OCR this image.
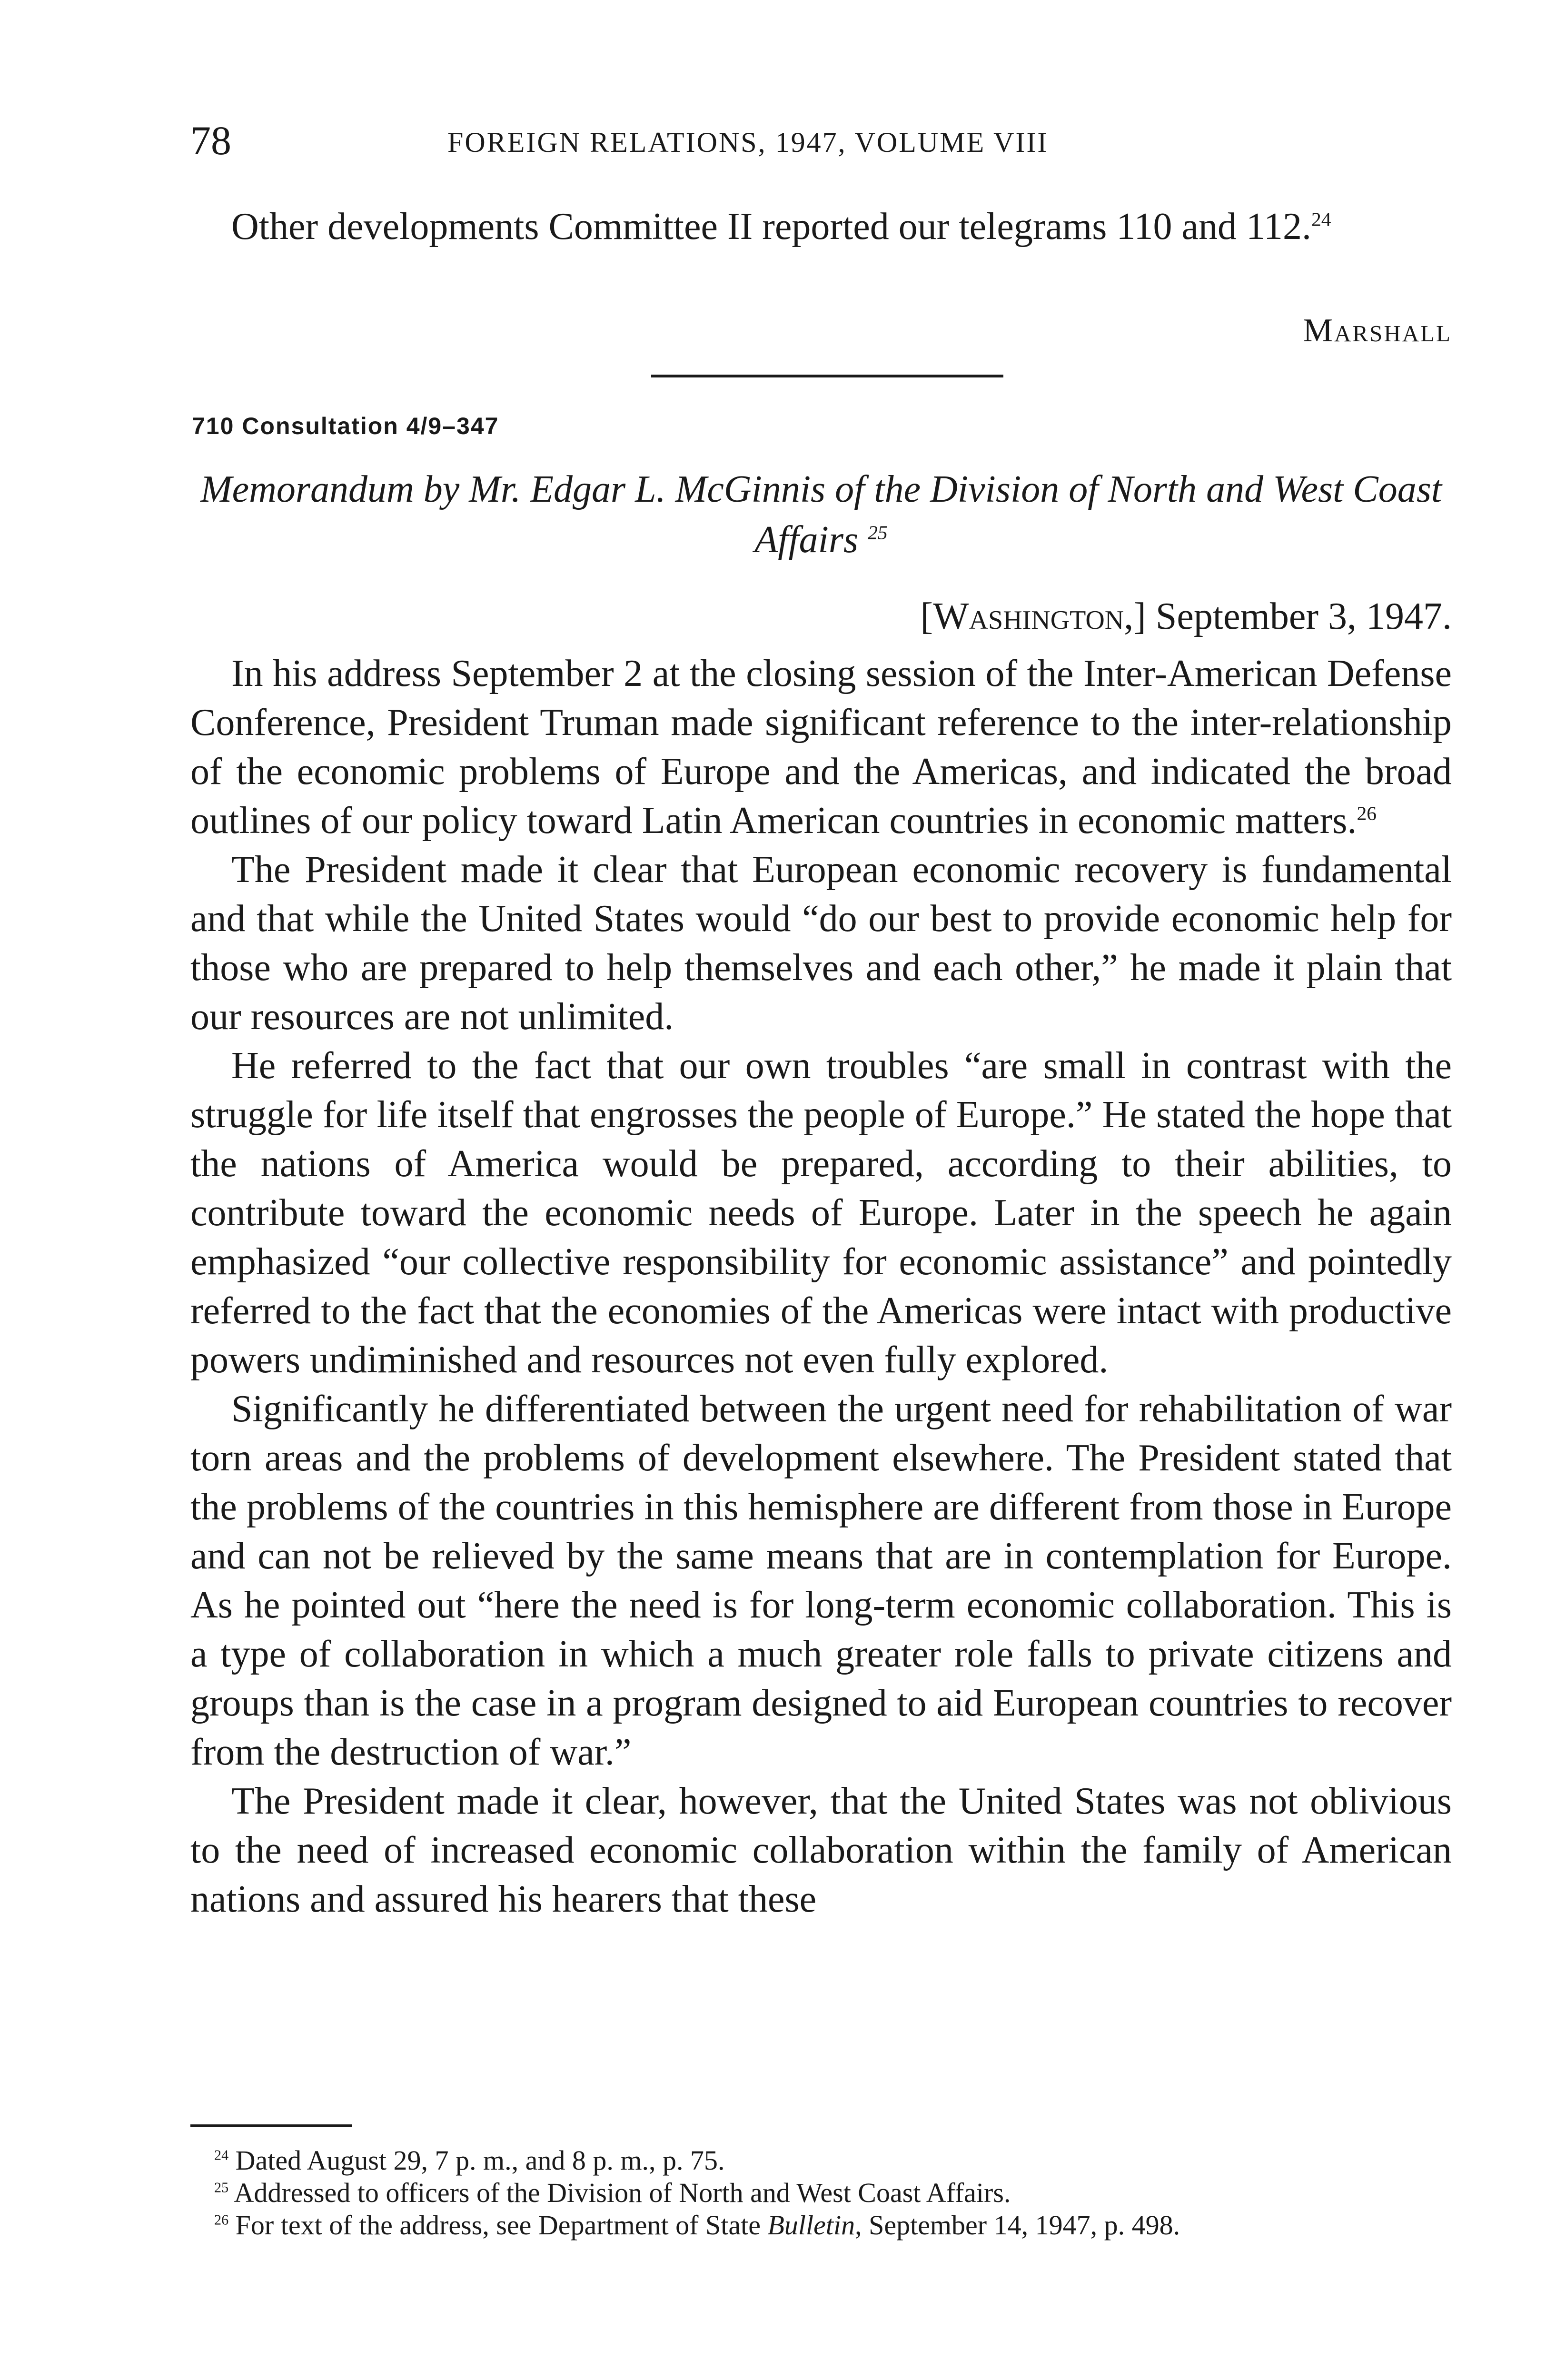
78	FOREIGN RELATIONS, 1947, VOLUME VIII

Other developments Committee II reported our telegrams 110 and 112.24

Marshall
710 Consultation 4/9–347

Memorandum by Mr. Edgar L. McGinnis of the Division of North and West Coast Affairs $^{25}$

[Washington,] September 3, 1947.

In his address September 2 at the closing session of the Inter-American Defense Conference, President Truman made significant reference to the inter-relationship of the economic problems of Europe and the Americas, and indicated the broad outlines of our policy toward Latin American countries in economic matters.$^{26}$

The President made it clear that European economic recovery is fundamental and that while the United States would “do our best to provide economic help for those who are prepared to help themselves and each other,” he made it plain that our resources are not unlimited.

He referred to the fact that our own troubles “are small in contrast with the struggle for life itself that engrosses the people of Europe.” He stated the hope that the nations of America would be prepared, according to their abilities, to contribute toward the economic needs of Europe. Later in the speech he again emphasized “our collective responsibility for economic assistance” and pointedly referred to the fact that the economies of the Americas were intact with productive powers undiminished and resources not even fully explored.

Significantly he differentiated between the urgent need for rehabilitation of war torn areas and the problems of development elsewhere. The President stated that the problems of the countries in this hemisphere are different from those in Europe and can not be relieved by the same means that are in contemplation for Europe. As he pointed out “here the need is for long-term economic collaboration. This is a type of collaboration in which a much greater role falls to private citizens and groups than is the case in a program designed to aid European countries to recover from the destruction of war.”

The President made it clear, however, that the United States was not oblivious to the need of increased economic collaboration within the family of American nations and assured his hearers that these

$^{24}$ Dated August 29, 7 p. m., and 8 p. m., p. 75.

$^{25}$ Addressed to officers of the Division of North and West Coast Affairs.

$^{26}$ For text of the address, see Department of State Bulletin, September 14, 1947, p. 498.
